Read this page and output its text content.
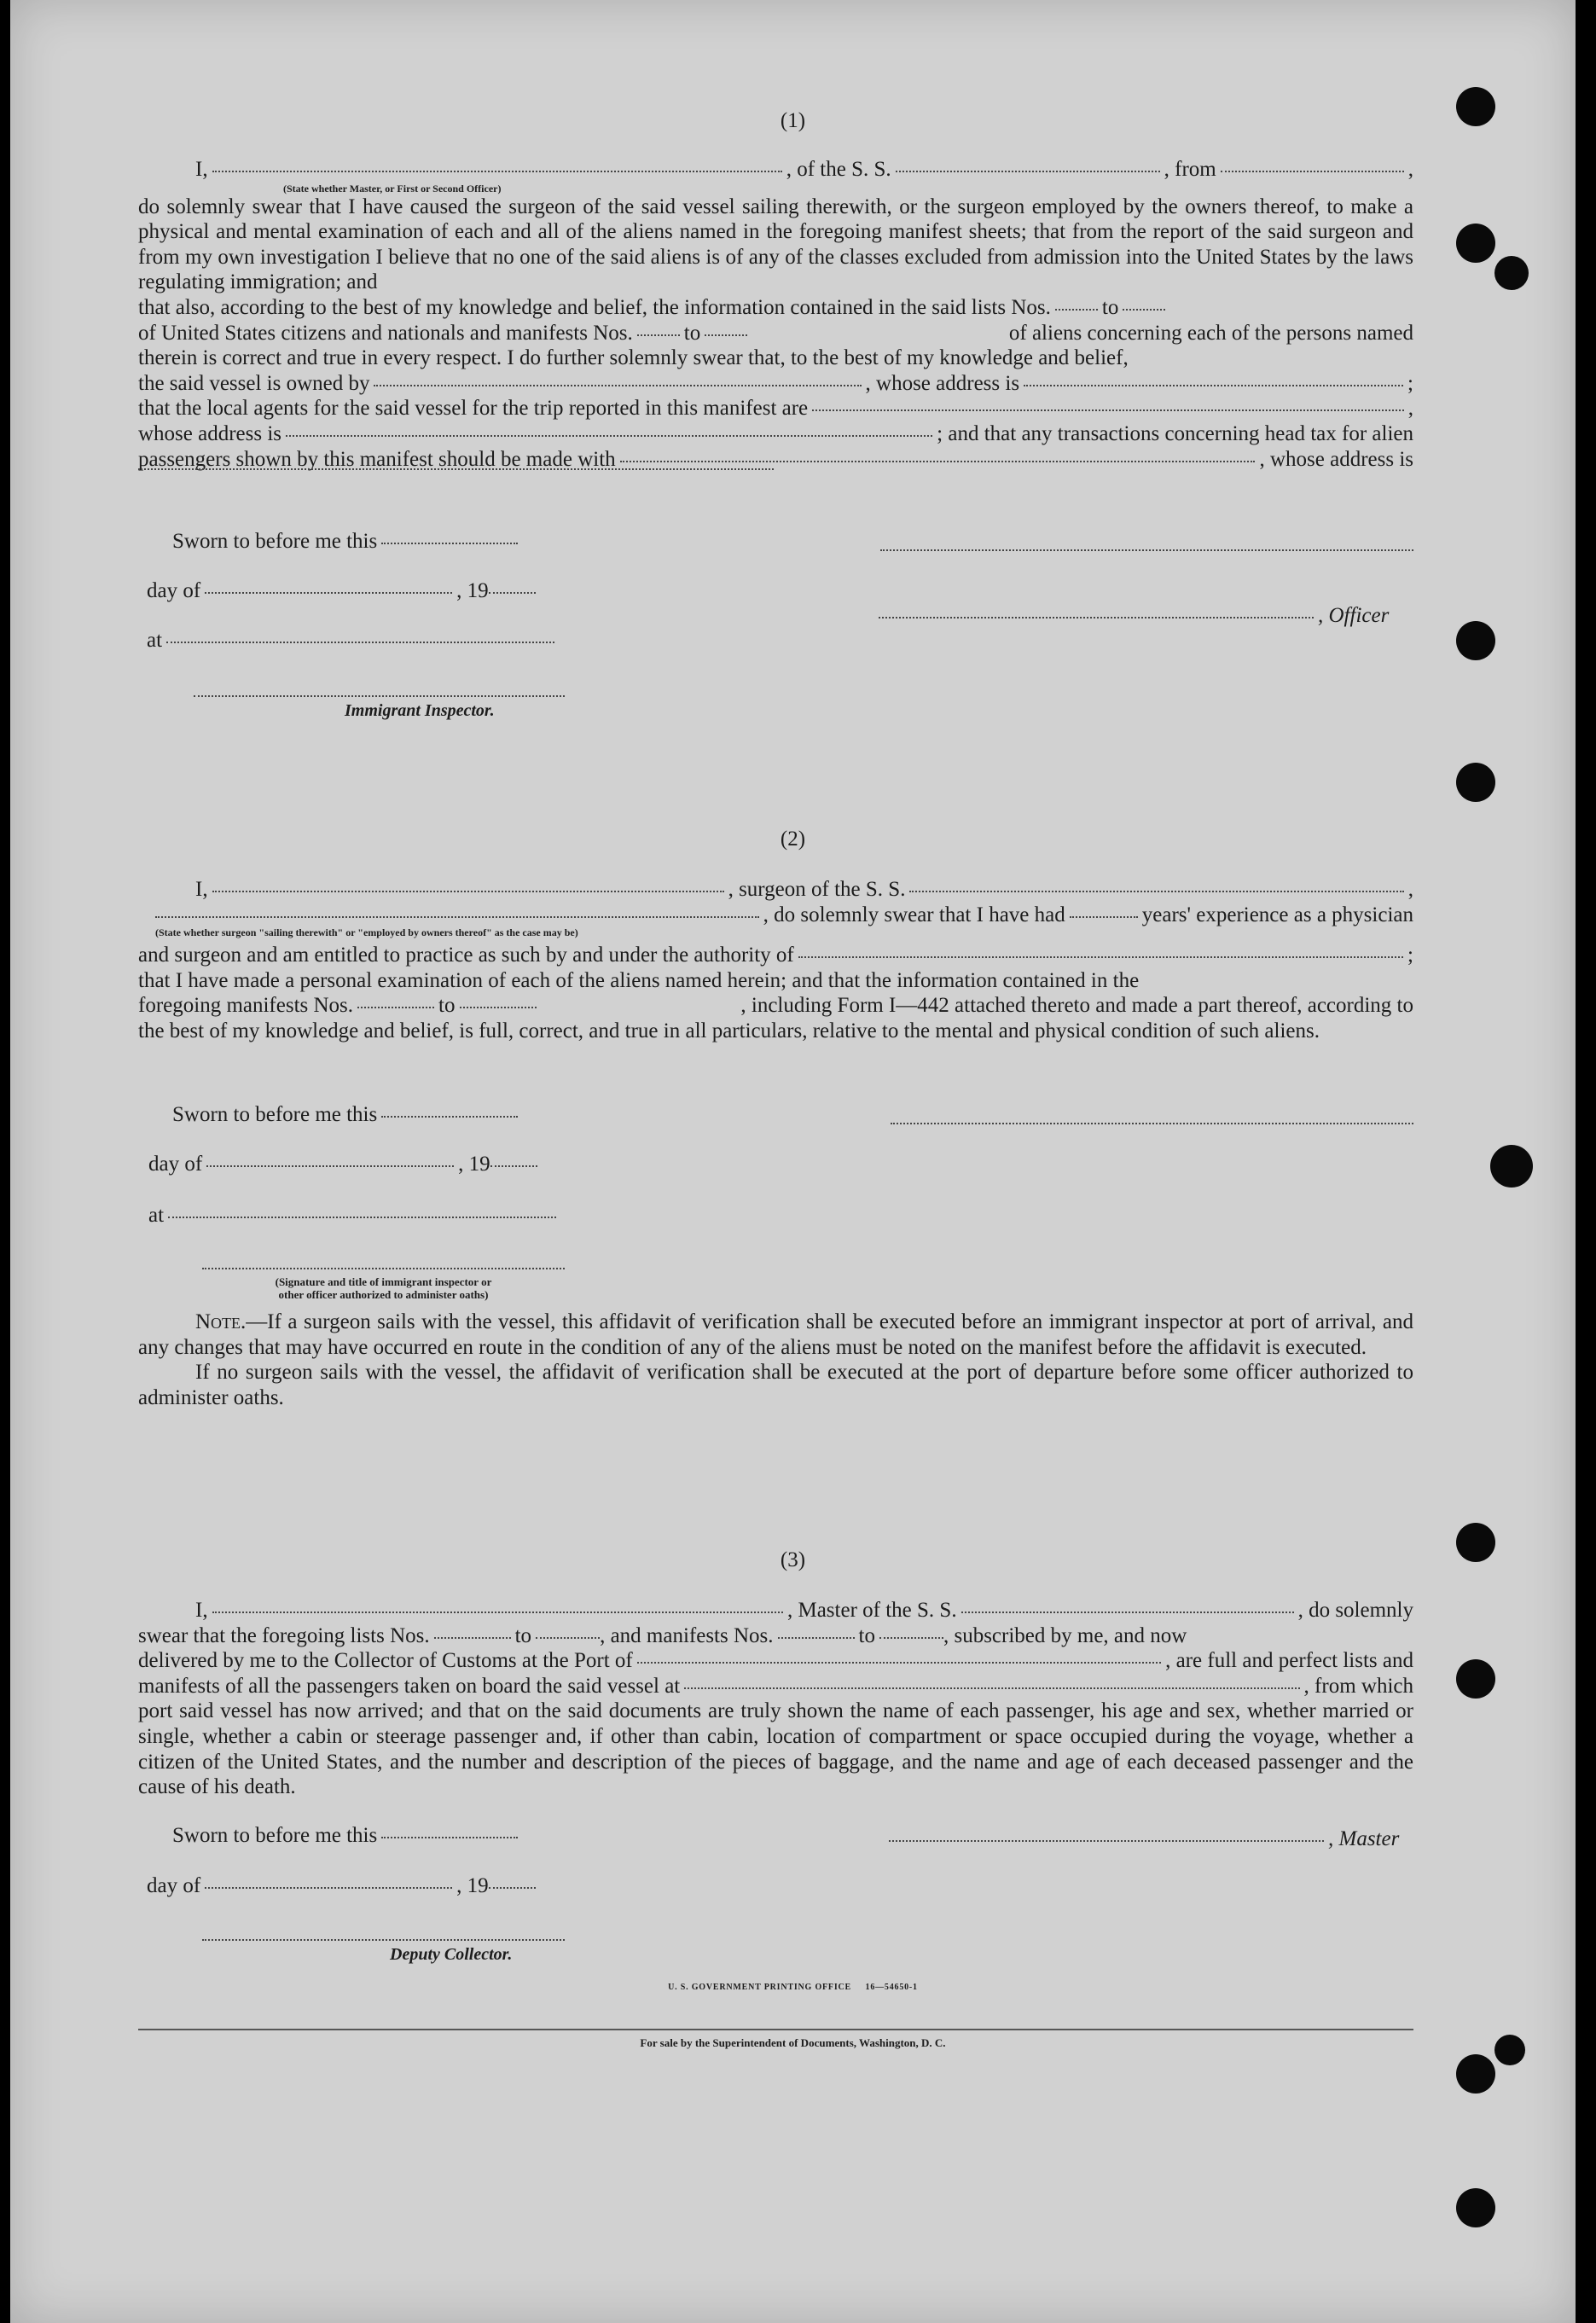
(1)
I,	, of the S. S.	, from	,

do solemnly swear that I have caused the surgeon of the said vessel sailing therewith, or the surgeon employed by the owners thereof, to make a physical and mental examination of each and all of the aliens named in the foregoing manifest sheets; that from the report of the said surgeon and from my own investigation I believe that no one of the said aliens is of any of the classes excluded from admission into the United States by the laws regulating immigration; and

that also, according to the best of my knowledge and belief, the information contained in the said lists Nos. to
of United States citizens and nationals and manifests Nos. to	of aliens concerning each of the persons named
therein is correct and true in every respect. I do further solemnly swear that, to the best of my knowledge and belief,
the said vessel is owned by	, whose address is	;
that the local agents for the said vessel for the trip reported in this manifest are	,
whose address is	; and that any transactions concerning head tax for alien
passengers shown by this manifest should be made with	, whose address is
(State whether Master, or First or Second Officer)
Sworn to before me this
day of	, 19
at
, Officer
Immigrant Inspector.
(2)
I,	, surgeon of the S. S.	,
, do solemnly swear that I have had	years' experience as a physician
and surgeon and am entitled to practice as such by and under the authority of	;
that I have made a personal examination of each of the aliens named herein; and that the information contained in the
foregoing manifests Nos.	to	, including Form I—442 attached thereto and made a part thereof, according to

the best of my knowledge and belief, is full, correct, and true in all particulars, relative to the mental and physical condition of such aliens.

(State whether surgeon "sailing therewith" or "employed by owners thereof" as the case may be)
Sworn to before me this
day of	, 19
at
(Signature and title of immigrant inspector or
other officer authorized to administer oaths)

Note.—If a surgeon sails with the vessel, this affidavit of verification shall be executed before an immigrant inspector at port of arrival, and any changes that may have occurred en route in the condition of any of the aliens must be noted on the manifest before the affidavit is executed.

If no surgeon sails with the vessel, the affidavit of verification shall be executed at the port of departure before some officer authorized to administer oaths.

(3)
I,	, Master of the S. S.	, do solemnly
swear that the foregoing lists Nos.	to	, and manifests Nos.	to	, subscribed by me, and now
delivered by me to the Collector of Customs at the Port of	, are full and perfect lists and
manifests of all the passengers taken on board the said vessel at	, from which

port said vessel has now arrived; and that on the said documents are truly shown the name of each passenger, his age and sex, whether married or single, whether a cabin or steerage passenger and, if other than cabin, location of compartment or space occupied during the voyage, whether a citizen of the United States, and the number and description of the pieces of baggage, and the name and age of each deceased passenger and the cause of his death.

Sworn to before me this	, Master
day of	, 19
Deputy Collector.
U. S. GOVERNMENT PRINTING OFFICE     16—54650-1
For sale by the Superintendent of Documents, Washington, D. C.
